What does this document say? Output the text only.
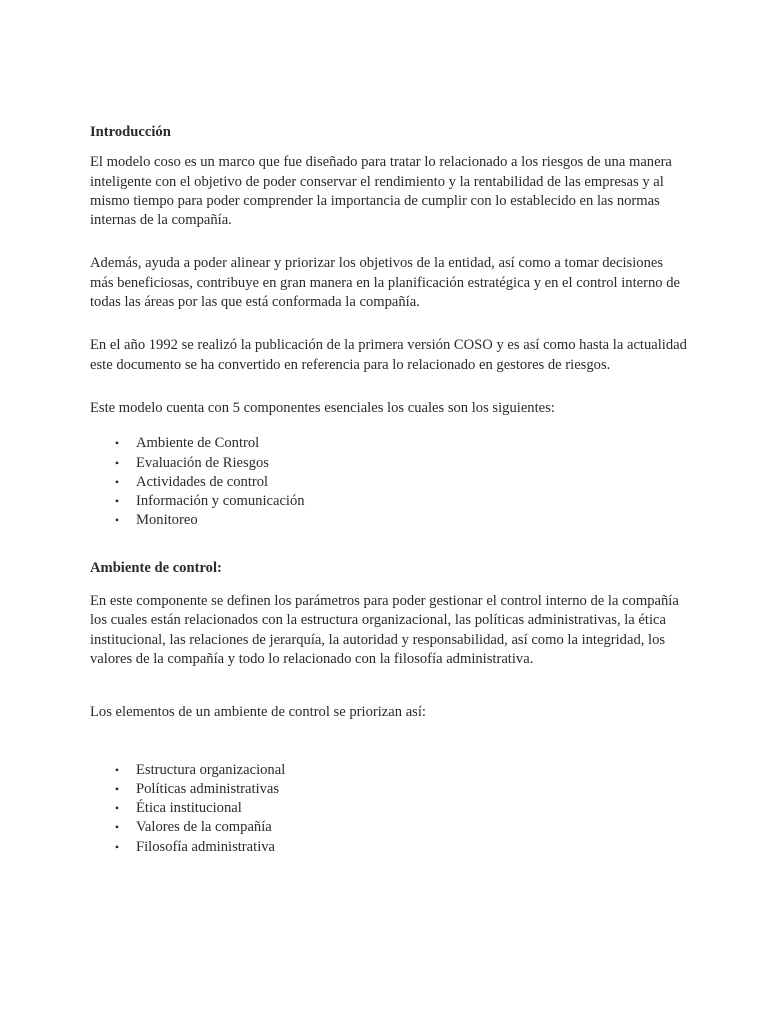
Introducción

El modelo coso es un marco que fue diseñado para tratar lo relacionado a los riesgos de una manera inteligente con el objetivo de poder conservar el rendimiento y la rentabilidad de las empresas y al mismo tiempo para poder comprender la importancia de cumplir con lo establecido en las normas internas de la compañía.

Además, ayuda a poder alinear y priorizar los objetivos de la entidad, así como a tomar decisiones más beneficiosas, contribuye en gran manera en la planificación estratégica y en el control interno de todas las áreas por las que está conformada la compañía.

En el año 1992 se realizó la publicación de la primera versión COSO y es así como hasta la actualidad este documento se ha convertido en referencia para lo relacionado en gestores de riesgos.

Este modelo cuenta con 5 componentes esenciales los cuales son los siguientes:

• Ambiente de Control
• Evaluación de Riesgos
• Actividades de control
• Información y comunicación
• Monitoreo

Ambiente de control:

En este componente se definen los parámetros para poder gestionar el control interno de la compañía los cuales están relacionados con la estructura organizacional, las políticas administrativas, la ética institucional, las relaciones de jerarquía, la autoridad y responsabilidad, así como la integridad, los valores de la compañía y todo lo relacionado con la filosofía administrativa.

Los elementos de un ambiente de control se priorizan así:

• Estructura organizacional
• Políticas administrativas
• Ética institucional
• Valores de la compañía
• Filosofía administrativa
